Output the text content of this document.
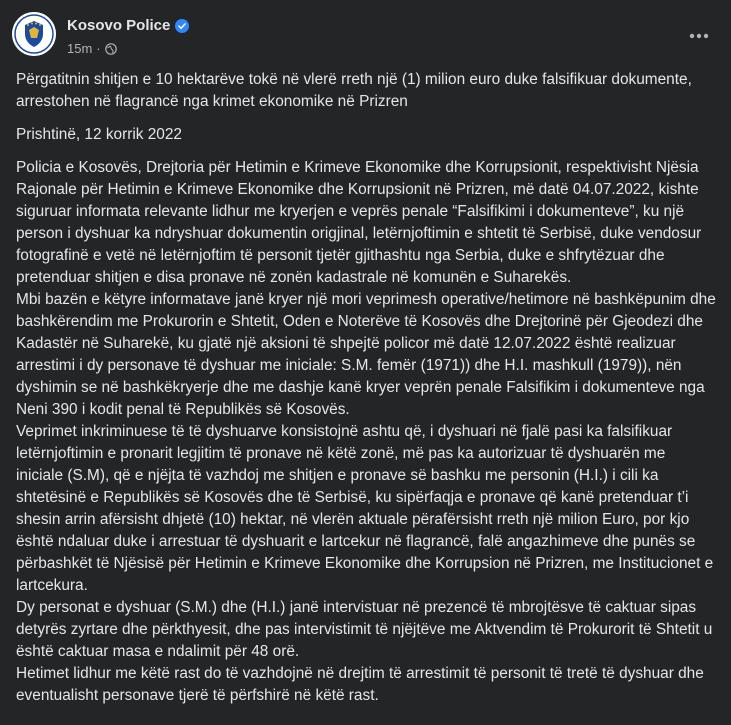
Kosovo Police
15m ·

Përgatitnin shitjen e 10 hektarëve tokë në vlerë rreth një (1) milion euro duke falsifikuar dokumente, arrestohen në flagrancë nga krimet ekonomike në Prizren

Prishtinë, 12 korrik 2022

Policia e Kosovës, Drejtoria për Hetimin e Krimeve Ekonomike dhe Korrupsionit, respektivisht Njësia Rajonale për Hetimin e Krimeve Ekonomike dhe Korrupsionit në Prizren, më datë 04.07.2022, kishte siguruar informata relevante lidhur me kryerjen e veprës penale “Falsifikimi i dokumenteve”, ku një person i dyshuar ka ndryshuar dokumentin origjinal, letërnjoftimin e shtetit të Serbisë, duke vendosur fotografinë e vetë në letërnjoftim të personit tjetër gjithashtu nga Serbia, duke e shfrytëzuar dhe pretenduar shitjen e disa pronave në zonën kadastrale në komunën e Suharekës.
Mbi bazën e këtyre informatave janë kryer një mori veprimesh operative/hetimore në bashkëpunim dhe bashkërendim me Prokurorin e Shtetit, Oden e Noterëve të Kosovës dhe Drejtorinë për Gjeodezi dhe Kadastër në Suharekë, ku gjatë një aksioni të shpejtë policor më datë 12.07.2022 është realizuar arrestimi i dy personave të dyshuar me iniciale: S.M. femër (1971)) dhe H.I. mashkull (1979)), nën dyshimin se në bashkëkryerje dhe me dashje kanë kryer veprën penale Falsifikim i dokumenteve nga Neni 390 i kodit penal të Republikës së Kosovës.
Veprimet inkriminuese të të dyshuarve konsistojnë ashtu që, i dyshuari në fjalë pasi ka falsifikuar letërnjoftimin e pronarit legjitim të pronave në këtë zonë, më pas ka autorizuar të dyshuarën me iniciale (S.M), që e njëjta të vazhdoj me shitjen e pronave së bashku me personin (H.I.) i cili ka shtetësinë e Republikës së Kosovës dhe të Serbisë, ku sipërfaqja e pronave që kanë pretenduar t’i shesin arrin afërsisht dhjetë (10) hektar, në vlerën aktuale përafërsisht rreth një milion Euro, por kjo është ndaluar duke i arrestuar të dyshuarit e lartcekur në flagrancë, falë angazhimeve dhe punës se përbashkët të Njësisë për Hetimin e Krimeve Ekonomike dhe Korrupsion në Prizren, me Institucionet e lartcekura.
Dy personat e dyshuar (S.M.) dhe (H.I.) janë intervistuar në prezencë të mbrojtësve të caktuar sipas detyrës zyrtare dhe përkthyesit, dhe pas intervistimit të njëjtëve me Aktvendim të Prokurorit të Shtetit u është caktuar masa e ndalimit për 48 orë.
Hetimet lidhur me këtë rast do të vazhdojnë në drejtim të arrestimit të personit të tretë të dyshuar dhe eventualisht personave tjerë të përfshirë në këtë rast.
